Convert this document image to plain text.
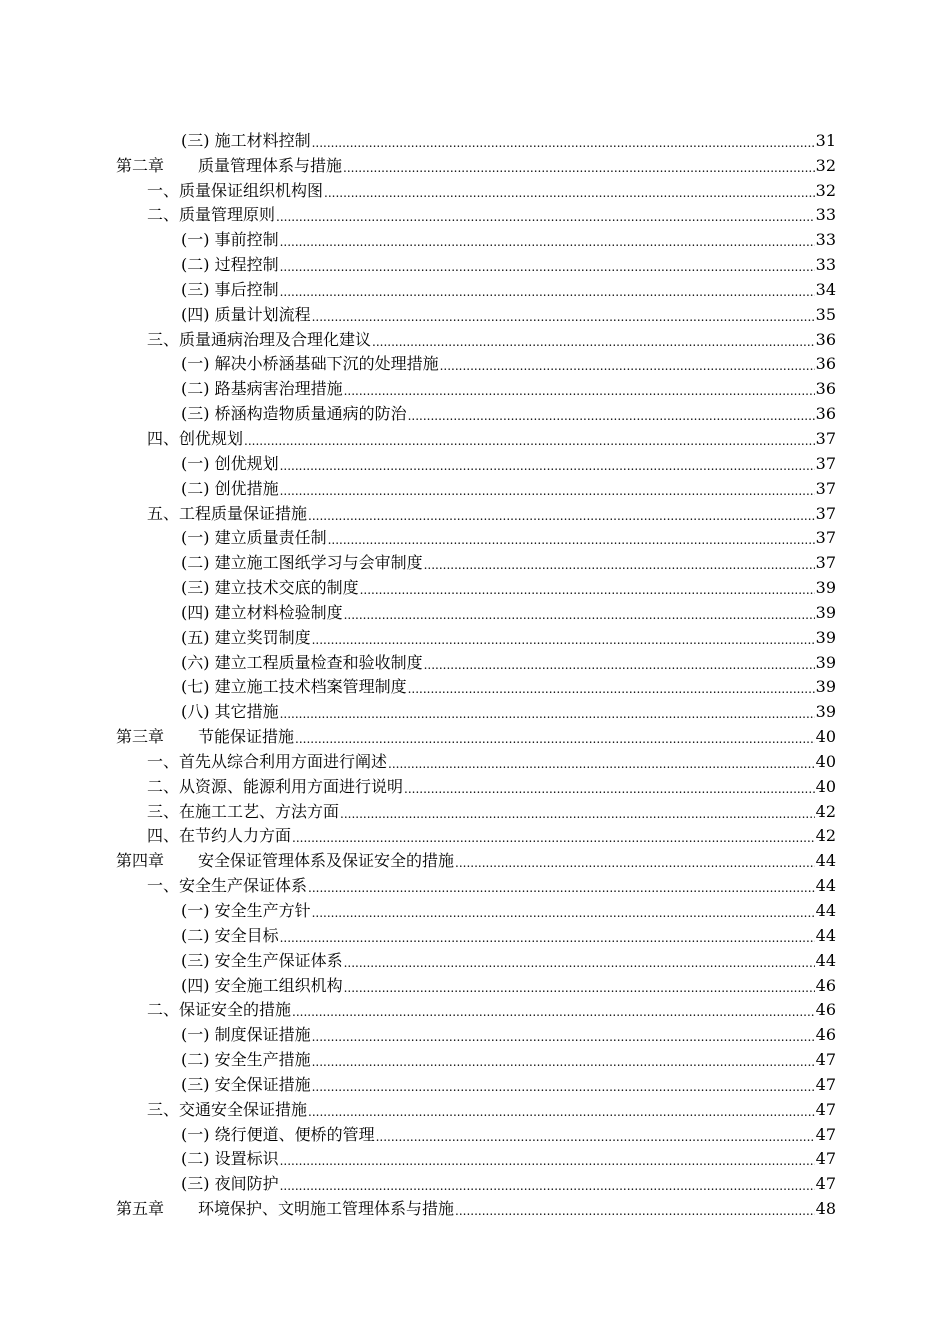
(三) 施工材料控制 .....	31
第二章 质量管理体系与措施 .....	32
一、质量保证组织机构图 .....	32
二、质量管理原则 .....	33
(一) 事前控制 .....	33
(二) 过程控制 .....	33
(三) 事后控制 .....	34
(四) 质量计划流程 .....	35
三、质量通病治理及合理化建议 .....	36
(一) 解决小桥涵基础下沉的处理措施 .....	36
(二) 路基病害治理措施 .....	36
(三) 桥涵构造物质量通病的防治 .....	36
四、创优规划 .....	37
(一) 创优规划 .....	37
(二) 创优措施 .....	37
五、工程质量保证措施 .....	37
(一) 建立质量责任制 .....	37
(二) 建立施工图纸学习与会审制度 .....	37
(三) 建立技术交底的制度 .....	39
(四) 建立材料检验制度 .....	39
(五) 建立奖罚制度 .....	39
(六) 建立工程质量检查和验收制度 .....	39
(七) 建立施工技术档案管理制度 .....	39
(八) 其它措施 .....	39
第三章 节能保证措施 .....	40
一、首先从综合利用方面进行阐述 .....	40
二、从资源、能源利用方面进行说明 .....	40
三、在施工工艺、方法方面 .....	42
四、在节约人力方面 .....	42
第四章 安全保证管理体系及保证安全的措施 .....	44
一、安全生产保证体系 .....	44
(一) 安全生产方针 .....	44
(二) 安全目标 .....	44
(三) 安全生产保证体系 .....	44
(四) 安全施工组织机构 .....	46
二、保证安全的措施 .....	46
(一) 制度保证措施 .....	46
(二) 安全生产措施 .....	47
(三) 安全保证措施 .....	47
三、交通安全保证措施 .....	47
(一) 绕行便道、便桥的管理 .....	47
(二) 设置标识 .....	47
(三) 夜间防护 .....	47
第五章 环境保护、文明施工管理体系与措施 .....	48
